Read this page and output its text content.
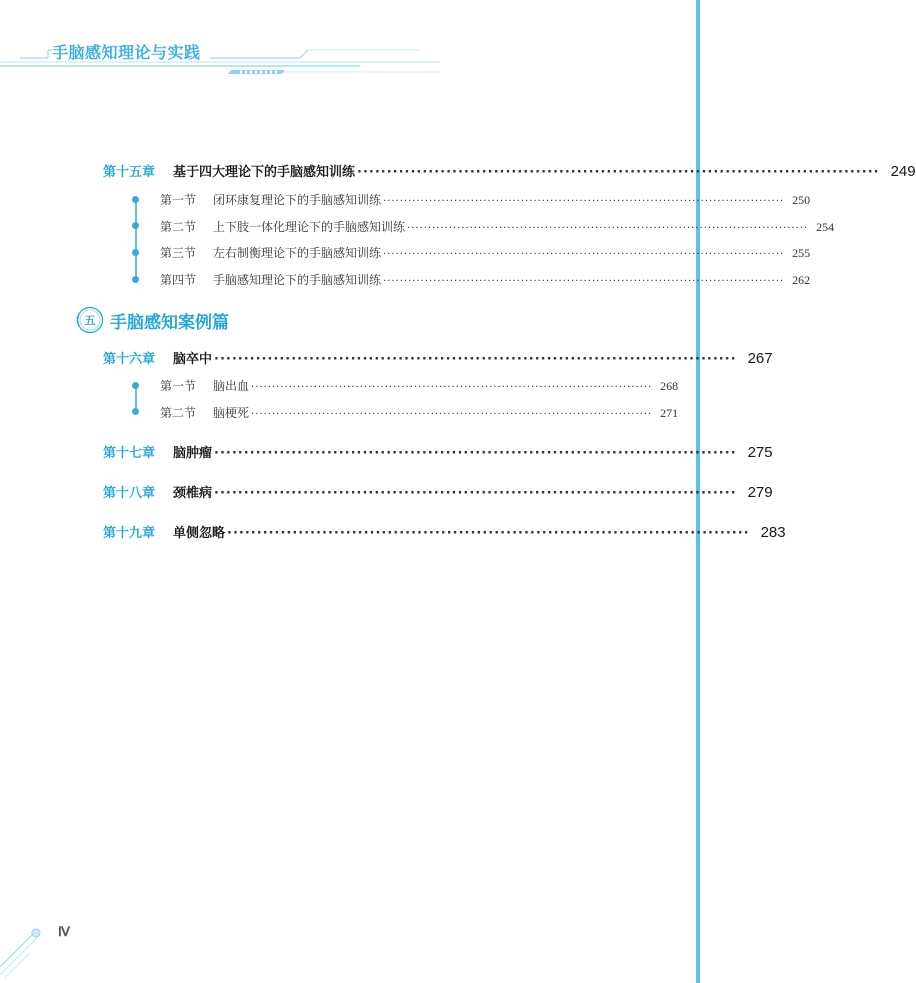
手脑感知理论与实践
第十五章	基于四大理论下的手脑感知训练 ························································································ 249
第一节	闭环康复理论下的手脑感知训练 ································································································ 250
第二节	上下肢一体化理论下的手脑感知训练 ································································································ 254
第三节	左右制衡理论下的手脑感知训练 ································································································ 255
第四节	手脑感知理论下的手脑感知训练 ································································································ 262
第十六章	脑卒中 ························································································ 267
第一节	脑出血 ································································································ 268
第二节	脑梗死 ································································································ 271
第十七章	脑肿瘤 ························································································ 275
第十八章	颈椎病 ························································································ 279
第十九章	单侧忽略 ························································································ 283
五 手脑感知案例篇
Ⅳ
